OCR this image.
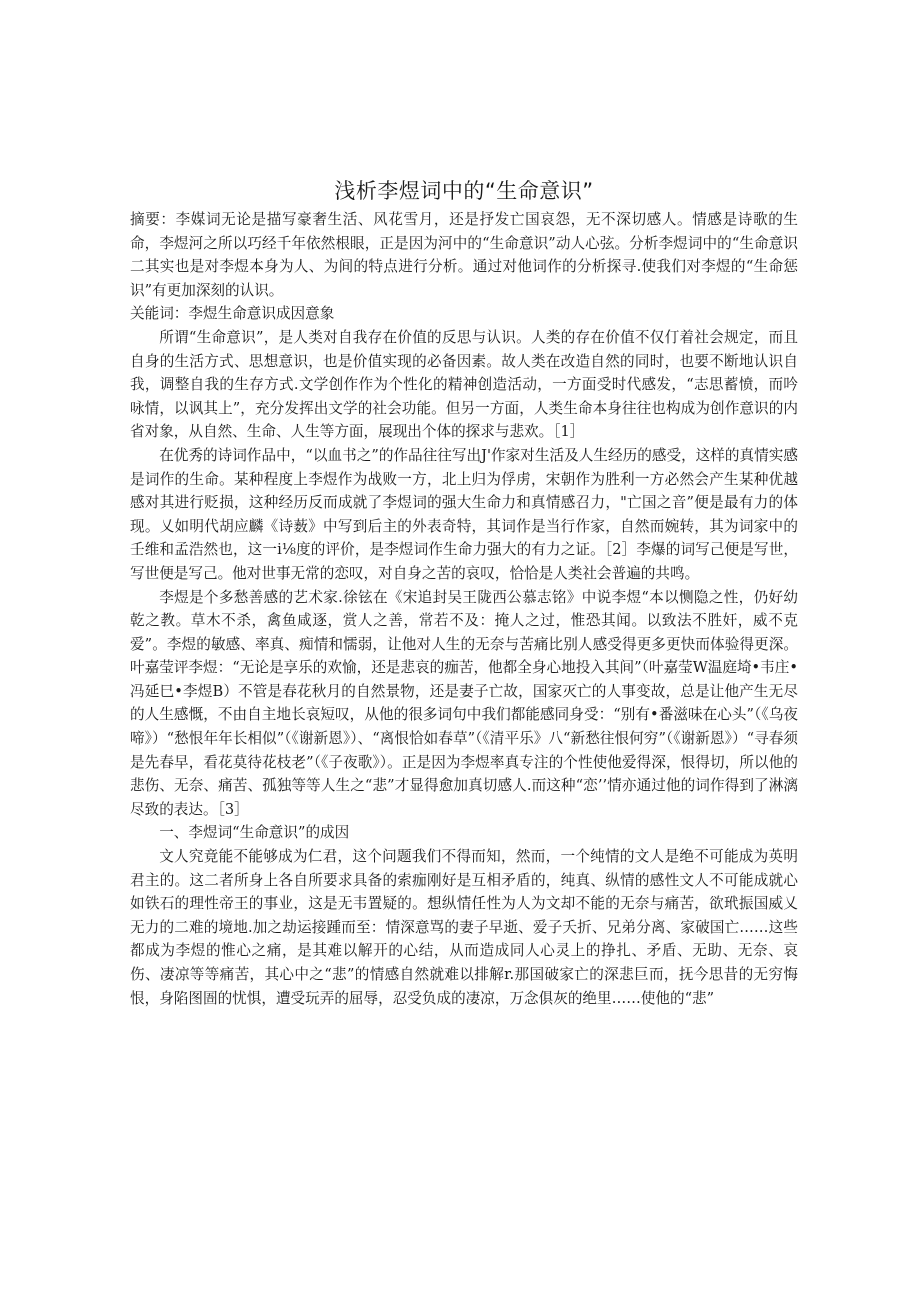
浅析李煜词中的“生命意识”

摘要：李媒词无论是描写豪奢生活、风花雪月，还是抒发亡国哀怨，无不深切感人。情感是诗歌的生命，李煜河之所以巧经千年依然根眼，正是因为河中的“生命意识”动人心弦。分析李煜词中的“生命意识二其实也是对李煜本身为人、为间的特点进行分析。通过对他词作的分析探寻.使我们对李煜的“生命惩识”有更加深刻的认识。

关能词：李煜生命意识成因意象

所谓“生命意识”，是人类对自我存在价值的反思与认识。人类的存在价值不仅仃着社会规定，而且自身的生活方式、思想意识，也是价值实现的必备因素。故人类在改造自然的同时，也要不断地认识自我，调整自我的生存方式.文学创作作为个性化的精神创造活动，一方面受时代感发，“志思蓄愤，而吟咏情，以讽其上”，充分发挥出文学的社会功能。但另一方面，人类生命本身往往也构成为创作意识的内省对象，从自然、生命、人生等方面，展现出个体的探求与悲欢。［1］

在优秀的诗词作品中，“以血书之”的作品往往写出J'作家对生活及人生经历的感受，这样的真情实感是词作的生命。某种程度上李煜作为战败一方，北上归为俘虏，宋朝作为胜利一方必然会产生某种优越感对其进行贬损，这种经历反而成就了李煜词的强大生命力和真情感召力，"亡国之音”便是最有力的体现。乂如明代胡应麟《诗薮》中写到后主的外表奇特，其词作是当行作家，自然而婉转，其为词家中的壬维和孟浩然也，这一i⅛度的评价，是李煜词作生命力强大的有力之证。［2］李爆的词写己便是写世，写世便是写己。他对世事无常的恋叹，对自身之苦的哀叹，恰恰是人类社会普遍的共鸣。

李煜是个多愁善感的艺术家.徐铉在《宋追封吴王陇西公慕志铭》中说李煜“本以恻隐之性，仍好幼乾之教。草木不杀，禽鱼咸逐，赏人之善，常若不及：掩人之过，惟恐其闻。以致法不胜奸，威不克爱”。李煜的敏感、率真、痴情和懦弱，让他对人生的无奈与苦痛比别人感受得更多更快而体验得更深。叶嘉莹评李煜：“无论是享乐的欢愉，还是悲哀的痂苦，他都全身心地投入其间”（叶嘉莹W温庭埼•韦庄•冯延巳•李煜B）不管是春花秋月的自然景物，还是妻子亡故，国家灭亡的人事变故，总是让他产生无尽的人生感慨，不由自主地长哀短叹，从他的很多词句中我们都能感同身受：“别有•番滋味在心头”（《乌夜啼》）“愁恨年年长相似”（《谢新恩》）、“离恨恰如春草”（《清平乐》八“新愁往恨何穷”（《谢新恩》）“寻春须是先春早，看花莫待花枝老”（《子夜歌》）。正是因为李煜率真专注的个性使他爱得深，恨得切，所以他的悲伤、无奈、痛苦、孤独等等人生之“悲”才显得愈加真切感人.而这种“恋’’情亦通过他的词作得到了淋漓尽致的表达。［3］

一、李煜词“生命意识”的成因

文人究竟能不能够成为仁君，这个问题我们不得而知，然而，一个纯情的文人是绝不可能成为英明君主的。这二者所身上各自所要求具备的索痂刚好是互相矛盾的，纯真、纵情的感性文人不可能成就心如铁石的理性帝王的事业，这是无韦置疑的。想纵情任性为人为文却不能的无奈与痛苦，欲玳振国威乂无力的二难的境地.加之劫运接踵而至：情深意骂的妻子早逝、爱子夭折、兄弟分离、家破国亡……这些都成为李煜的惟心之痛，是其难以解开的心结，从而造成同人心灵上的挣扎、矛盾、无助、无奈、哀伤、凄凉等等痛苦，其心中之“悲”的情感自然就难以排解r.那国破家亡的深悲巨而，抚今思昔的无穷悔恨，身陷图圄的忧惧，遭受玩弄的屈辱，忍受负成的凄凉，万念俱灰的绝里……使他的“悲”
